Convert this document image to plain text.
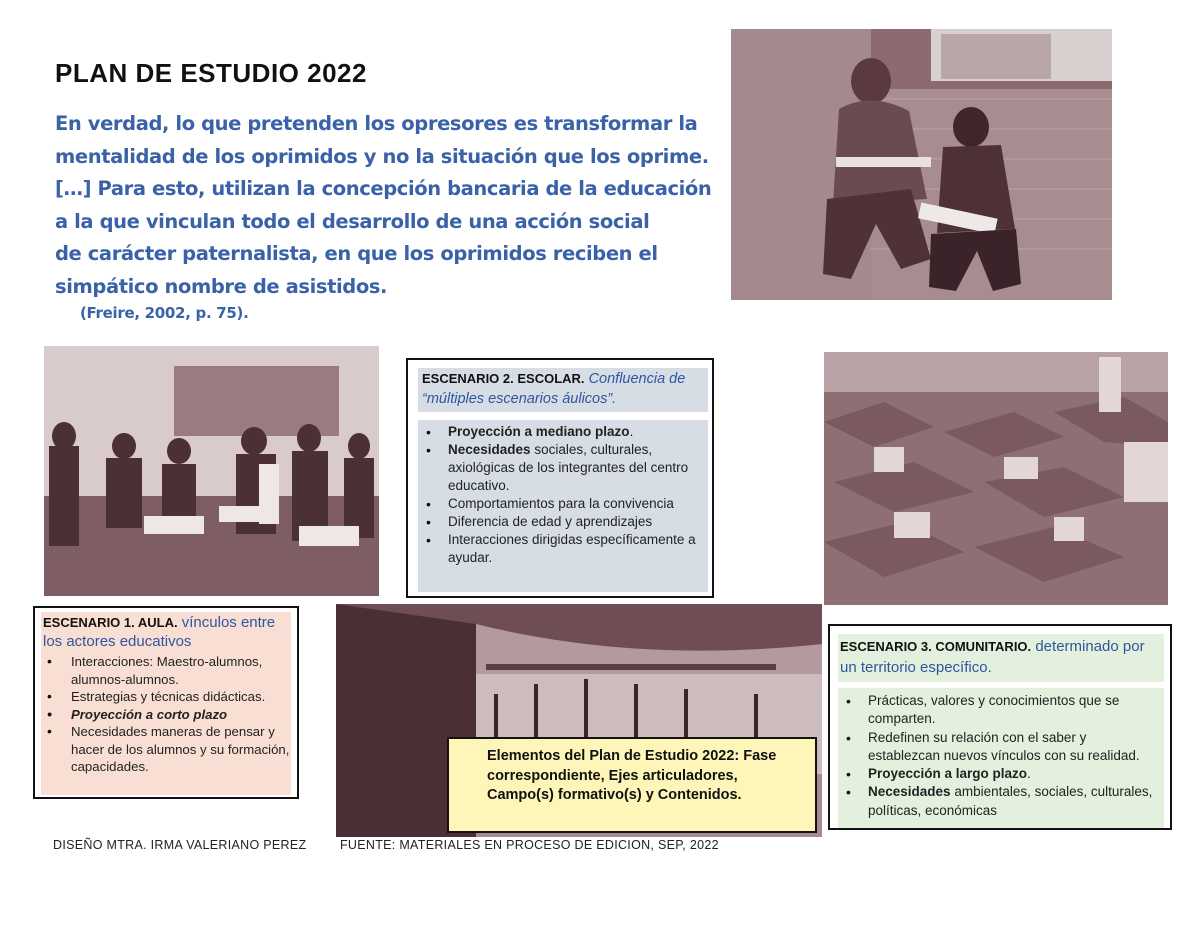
PLAN DE ESTUDIO 2022
En verdad, lo que pretenden los opresores es transformar la
mentalidad de los oprimidos y no la situación que los oprime.
[…] Para esto, utilizan la concepción bancaria de la educación
a la que vinculan todo el desarrollo de una acción social
de carácter paternalista, en que los oprimidos reciben el
simpático nombre de asistidos.
(Freire, 2002, p. 75).
ESCENARIO 2. ESCOLAR. Confluencia de “múltiples escenarios áulicos”.
• Proyección a mediano plazo.
• Necesidades sociales, culturales, axiológicas de los integrantes del centro educativo.
• Comportamientos para la convivencia
• Diferencia de edad y aprendizajes
• Interacciones dirigidas específicamente a ayudar.
ESCENARIO 1. AULA. vínculos entre los actores educativos
• Interacciones: Maestro-alumnos, alumnos-alumnos.
• Estrategias y técnicas didácticas.
• Proyección a corto plazo
• Necesidades maneras de pensar y hacer de los alumnos y su formación, capacidades.
ESCENARIO 3. COMUNITARIO. determinado por un territorio específico.
• Prácticas, valores y conocimientos que se comparten.
• Redefinen su relación con el saber y establezcan nuevos vínculos con su realidad.
• Proyección a largo plazo.
• Necesidades ambientales, sociales, culturales, políticas, económicas
Elementos del Plan de Estudio 2022: Fase correspondiente, Ejes articuladores, Campo(s) formativo(s) y Contenidos.
DISEÑO MTRA. IRMA VALERIANO PEREZ	FUENTE: MATERIALES EN PROCESO DE EDICION, SEP, 2022
